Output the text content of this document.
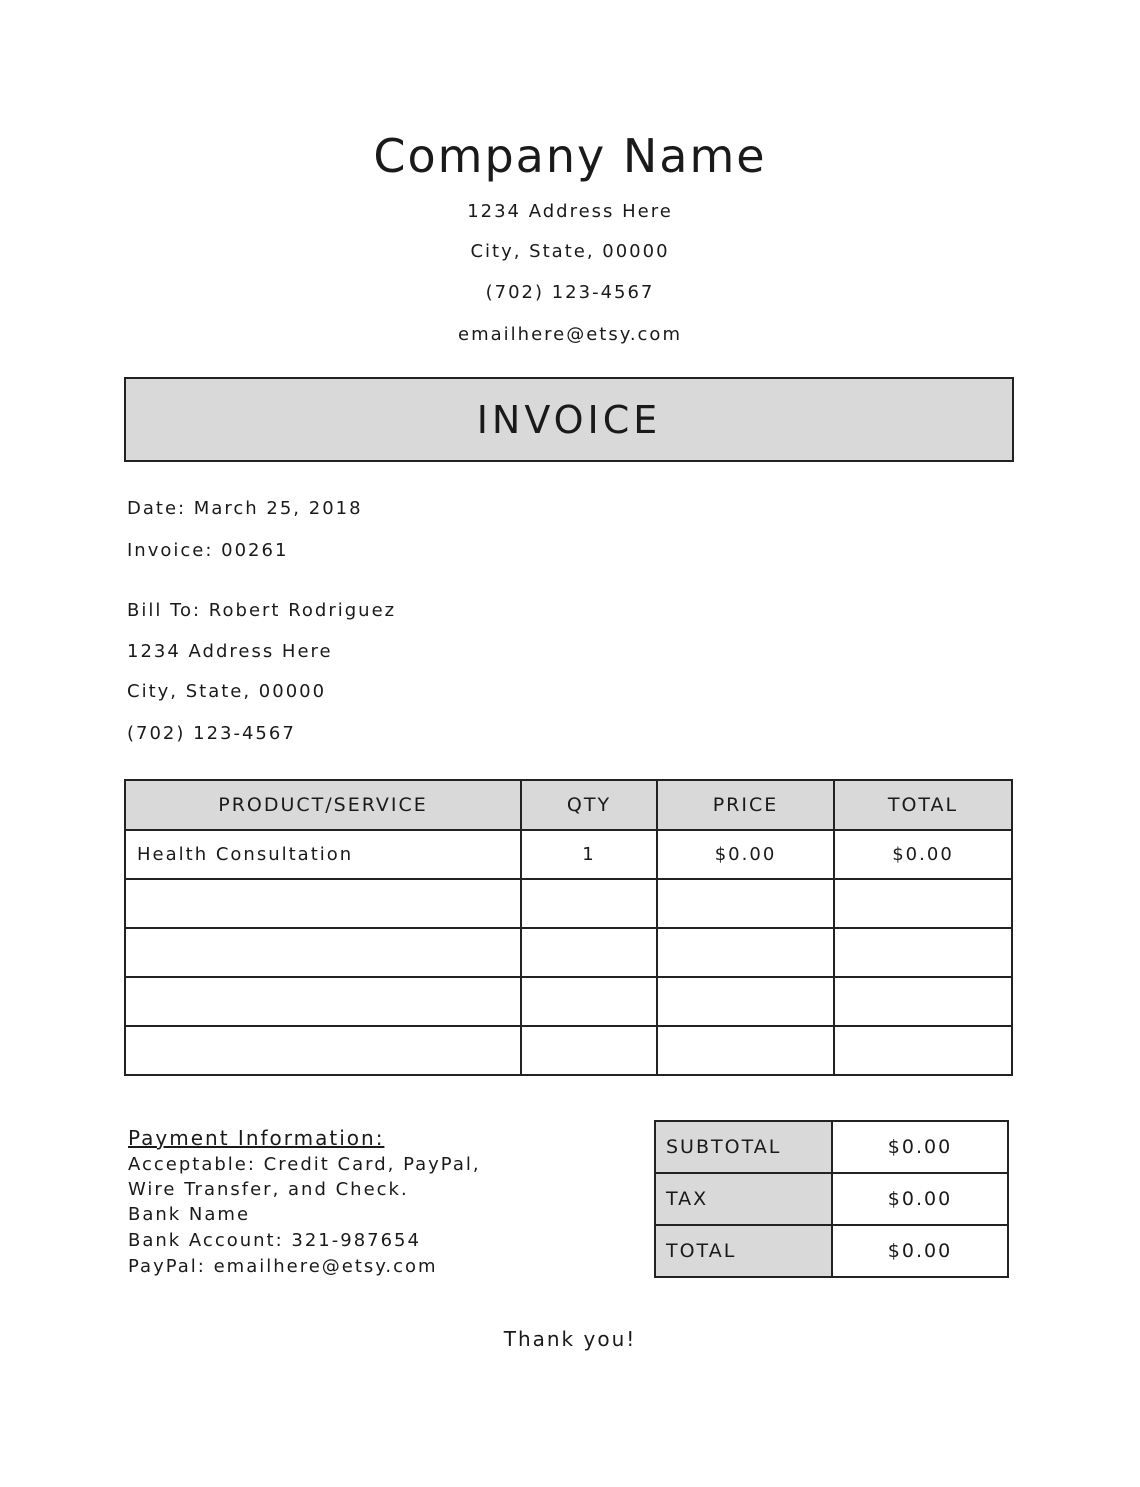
Company Name
1234 Address Here
City, State, 00000
(702) 123-4567
emailhere@etsy.com
INVOICE
Date: March 25, 2018
Invoice: 00261
Bill To: Robert Rodriguez
1234 Address Here
City, State, 00000
(702) 123-4567
PRODUCT/SERVICE	QTY	PRICE	TOTAL
Health Consultation	1	$0.00	$0.00

Payment Information:
Acceptable: Credit Card, PayPal,
Wire Transfer, and Check.
Bank Name
Bank Account: 321-987654
PayPal: emailhere@etsy.com
SUBTOTAL	$0.00
TAX	$0.00
TOTAL	$0.00
Thank you!
